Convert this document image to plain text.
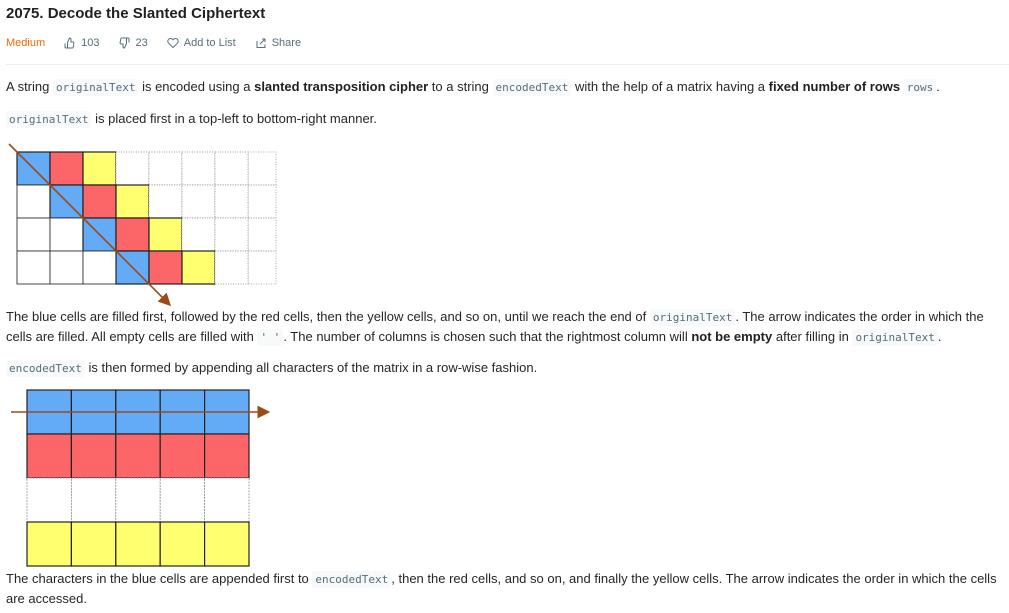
2075. Decode the Slanted Ciphertext
Medium	103	23	Add to List	Share
A string originalText is encoded using a slanted transposition cipher to a string encodedText with the help of a matrix having a fixed number of rows rows .
originalText is placed first in a top-left to bottom-right manner.
The blue cells are filled first, followed by the red cells, then the yellow cells, and so on, until we reach the end of originalText . The arrow indicates the order in which the cells are filled. All empty cells are filled with ' ' . The number of columns is chosen such that the rightmost column will not be empty after filling in originalText .
encodedText is then formed by appending all characters of the matrix in a row-wise fashion.
The characters in the blue cells are appended first to encodedText , then the red cells, and so on, and finally the yellow cells. The arrow indicates the order in which the cells are accessed.
